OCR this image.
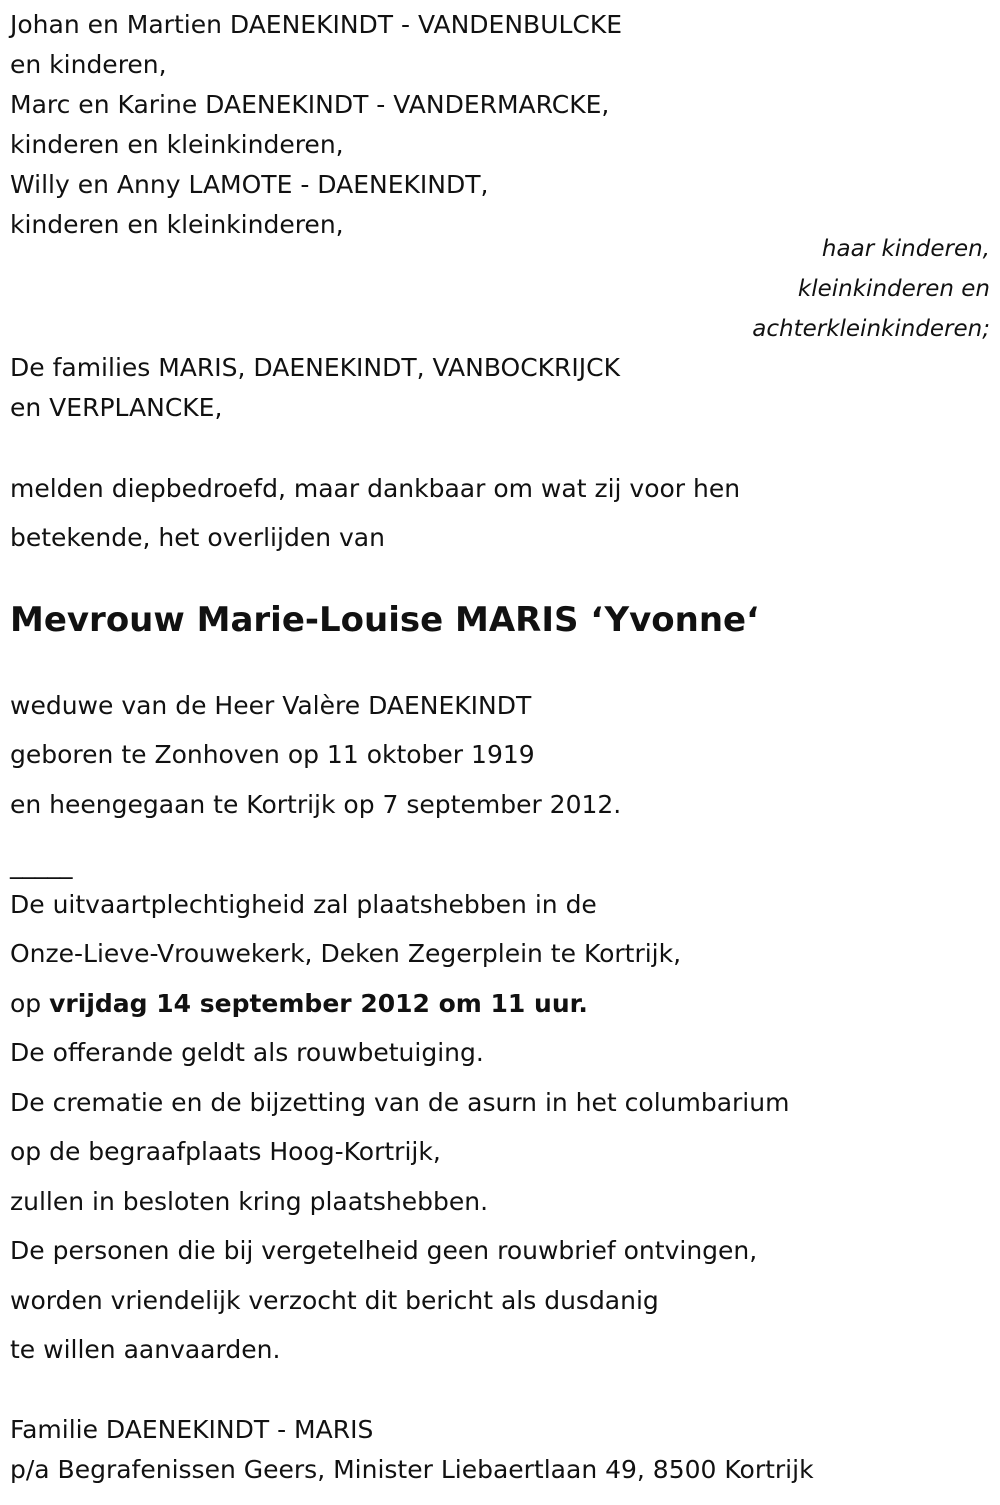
Johan en Martien DAENEKINDT - VANDENBULCKE
en kinderen,
Marc en Karine DAENEKINDT - VANDERMARCKE,
kinderen en kleinkinderen,
Willy en Anny LAMOTE - DAENEKINDT,
kinderen en kleinkinderen,
haar kinderen,
kleinkinderen en
achterkleinkinderen;
De families MARIS, DAENEKINDT, VANBOCKRIJCK
en VERPLANCKE,
melden diepbedroefd, maar dankbaar om wat zij voor hen
betekende, het overlijden van
Mevrouw Marie-Louise MARIS ‘Yvonne‘
weduwe van de Heer Valère DAENEKINDT
geboren te Zonhoven op 11 oktober 1919
en heengegaan te Kortrijk op 7 september 2012.
_____
De uitvaartplechtigheid zal plaatshebben in de
Onze-Lieve-Vrouwekerk, Deken Zegerplein te Kortrijk,
op vrijdag 14 september 2012 om 11 uur.
De offerande geldt als rouwbetuiging.
De crematie en de bijzetting van de asurn in het columbarium
op de begraafplaats Hoog-Kortrijk,
zullen in besloten kring plaatshebben.
De personen die bij vergetelheid geen rouwbrief ontvingen,
worden vriendelijk verzocht dit bericht als dusdanig
te willen aanvaarden.
Familie DAENEKINDT - MARIS
p/a Begrafenissen Geers, Minister Liebaertlaan 49, 8500 Kortrijk
